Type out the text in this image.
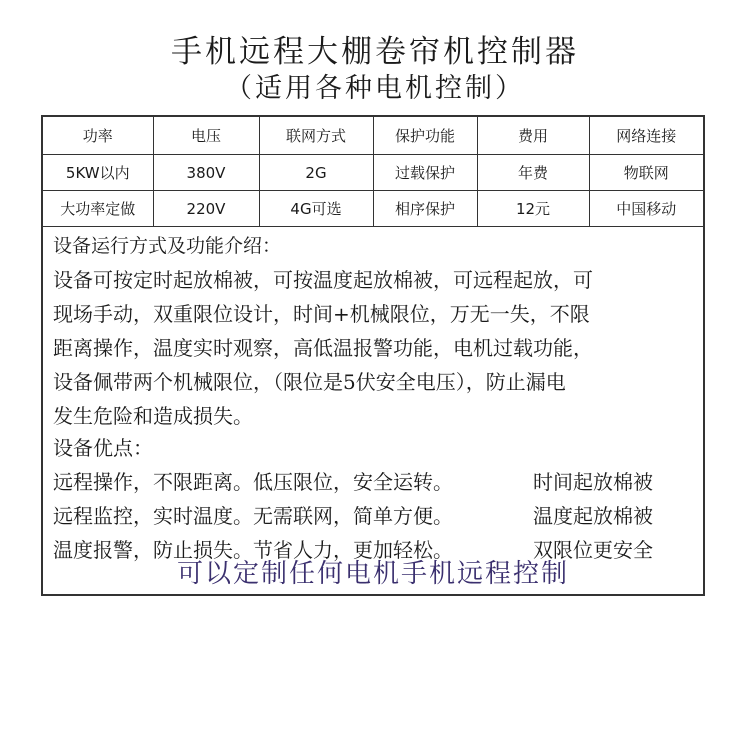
手机远程大棚卷帘机控制器
（适用各种电机控制）
功率	电压	联网方式	保护功能	费用	网络连接
5KW以内	380V	2G	过载保护	年费	物联网
大功率定做	220V	4G可选	相序保护	12元	中国移动

设备运行方式及功能介绍：

设备可按定时起放棉被，可按温度起放棉被，可远程起放，可

现场手动，双重限位设计，时间+机械限位，万无一失，不限

距离操作，温度实时观察，高低温报警功能，电机过载功能，

设备佩带两个机械限位，（限位是5伏安全电压），防止漏电

发生危险和造成损失。

设备优点：
远程操作，不限距离。低压限位，安全运转。	时间起放棉被
远程监控，实时温度。无需联网，简单方便。	温度起放棉被
温度报警，防止损失。节省人力，更加轻松。	双限位更安全
可以定制任何电机手机远程控制
